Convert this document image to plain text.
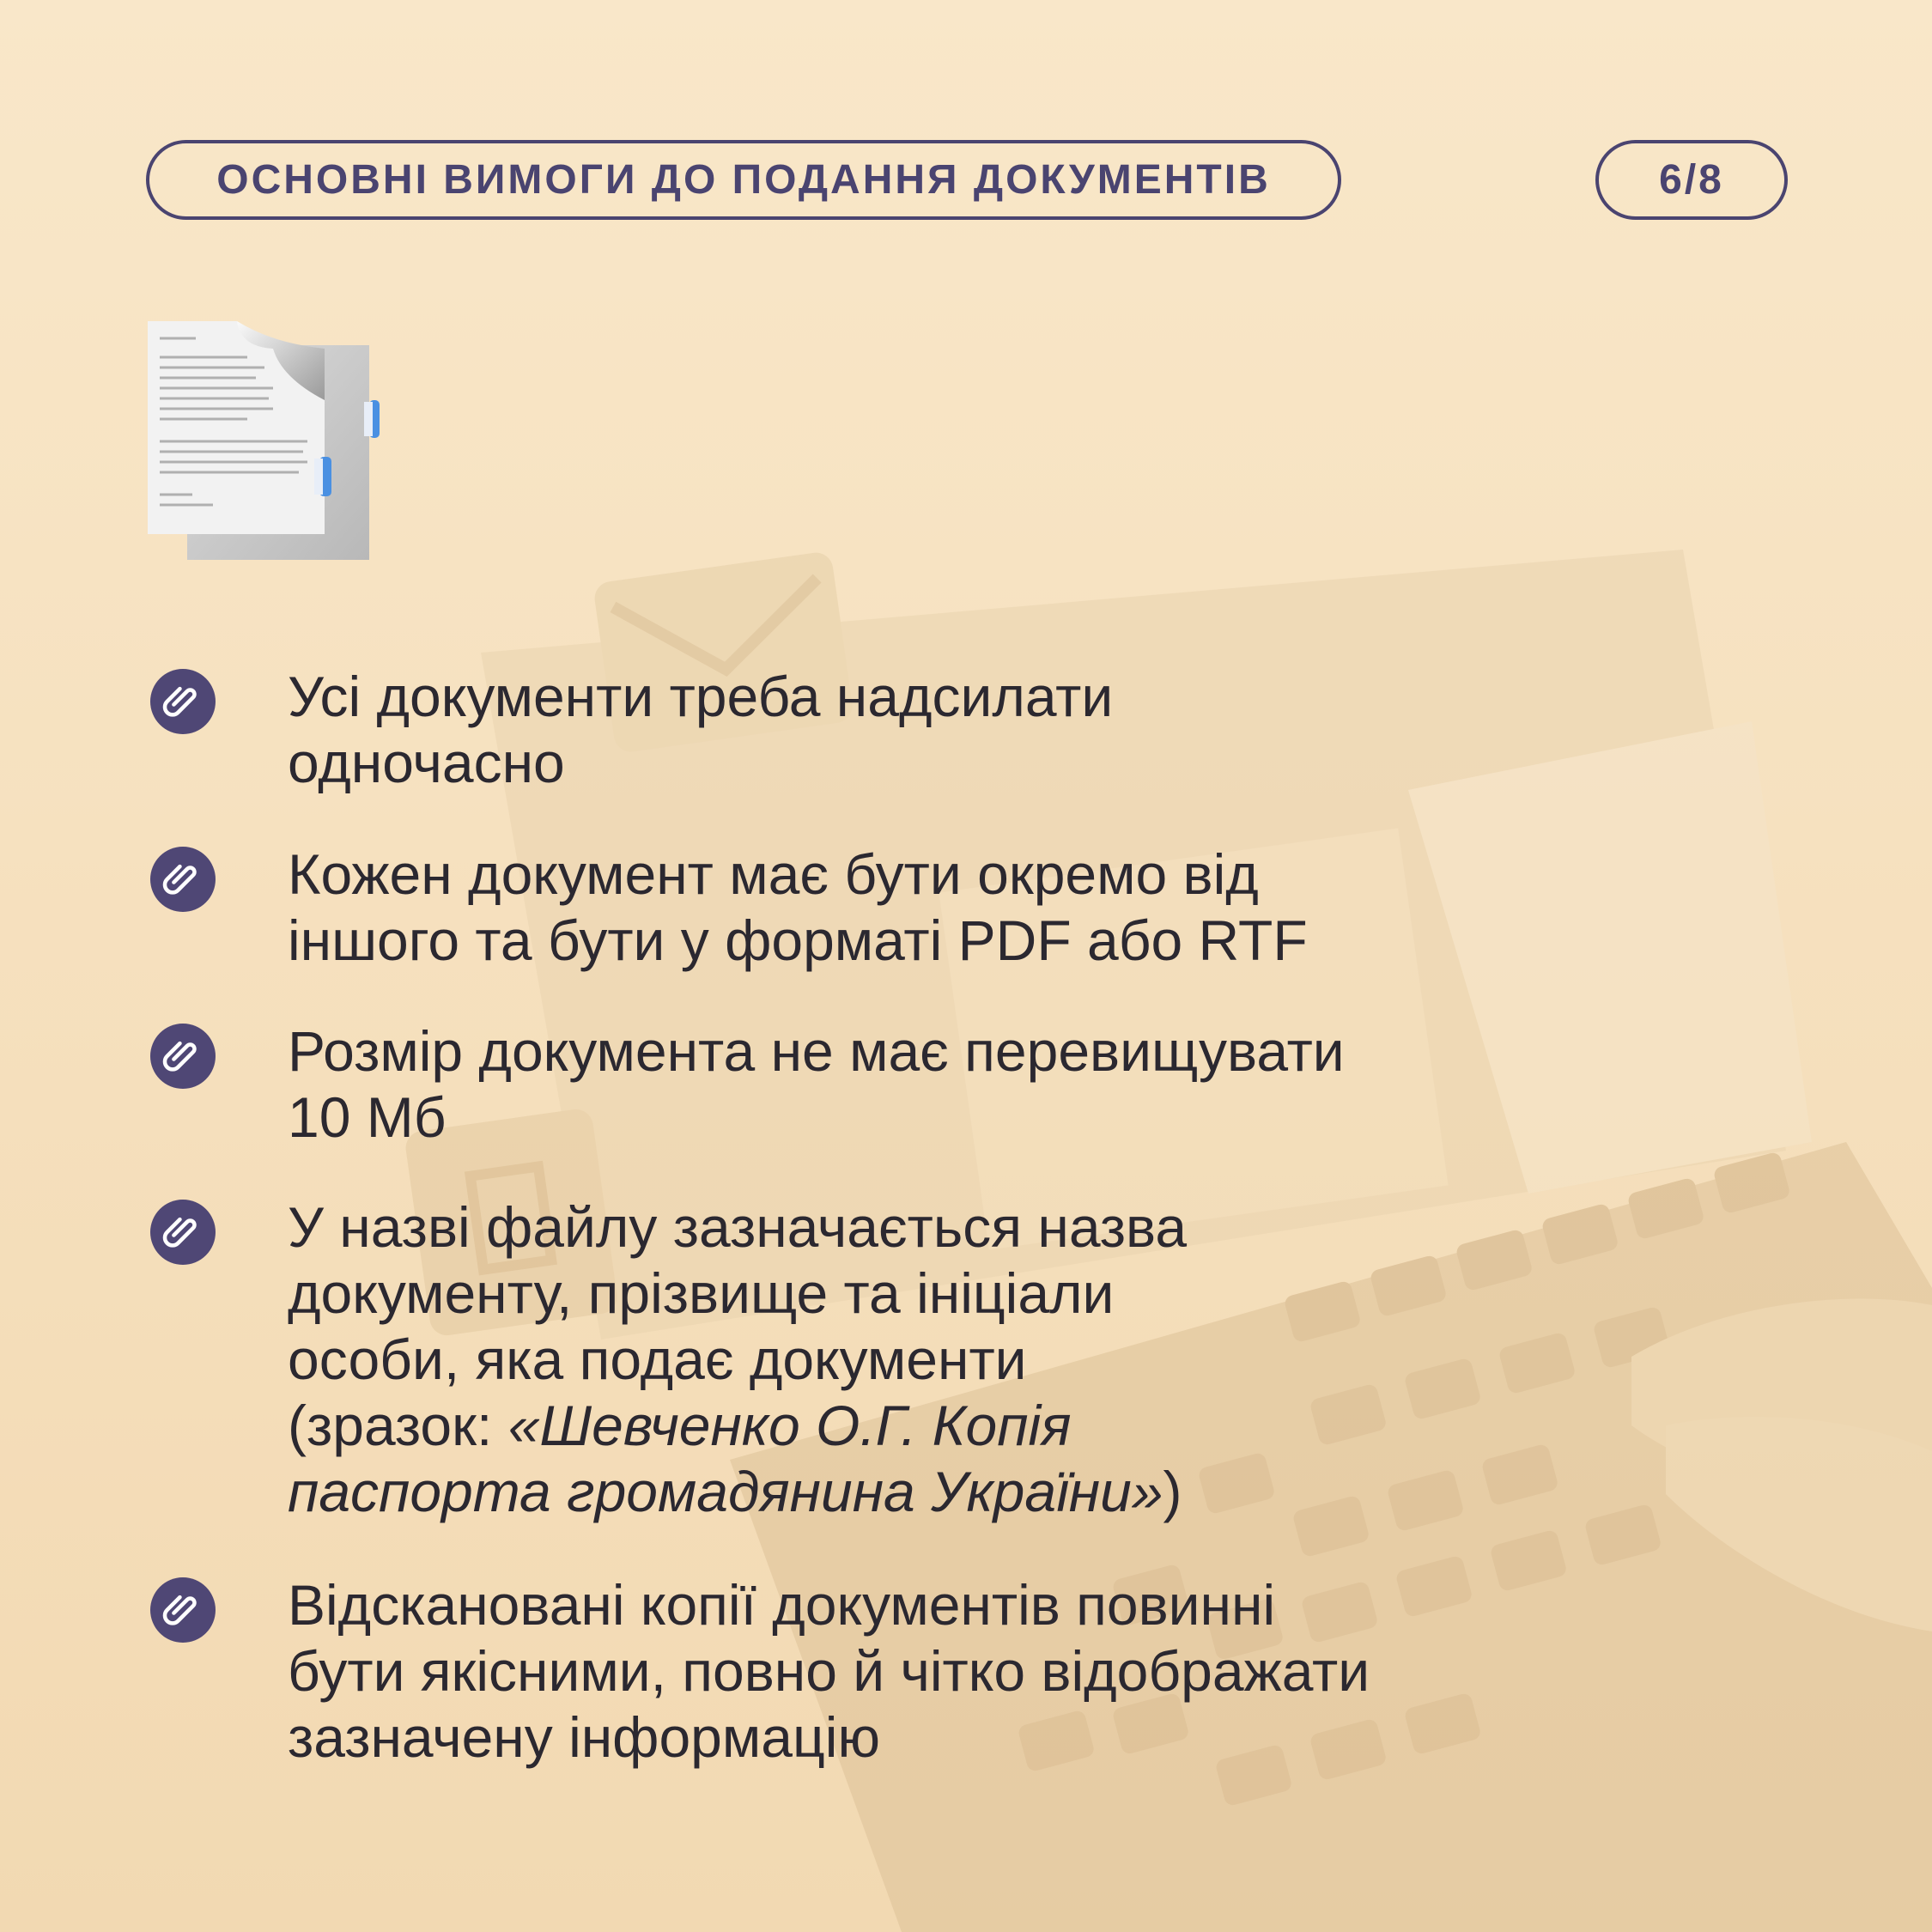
ОСНОВНІ ВИМОГИ ДО ПОДАННЯ ДОКУМЕНТІВ	6/8
Усі документи треба надсилати
одночасно
Кожен документ має бути окремо від
іншого та бути у форматі PDF або RTF
Розмір документа не має перевищувати
10 Мб
У назві файлу зазначається назва
документу, прізвище та ініціали
особи, яка подає документи
(зразок: «Шевченко О.Г. Копія
паспорта громадянина України»)
Відскановані копії документів повинні
бути якісними, повно й чітко відображати
зазначену інформацію
